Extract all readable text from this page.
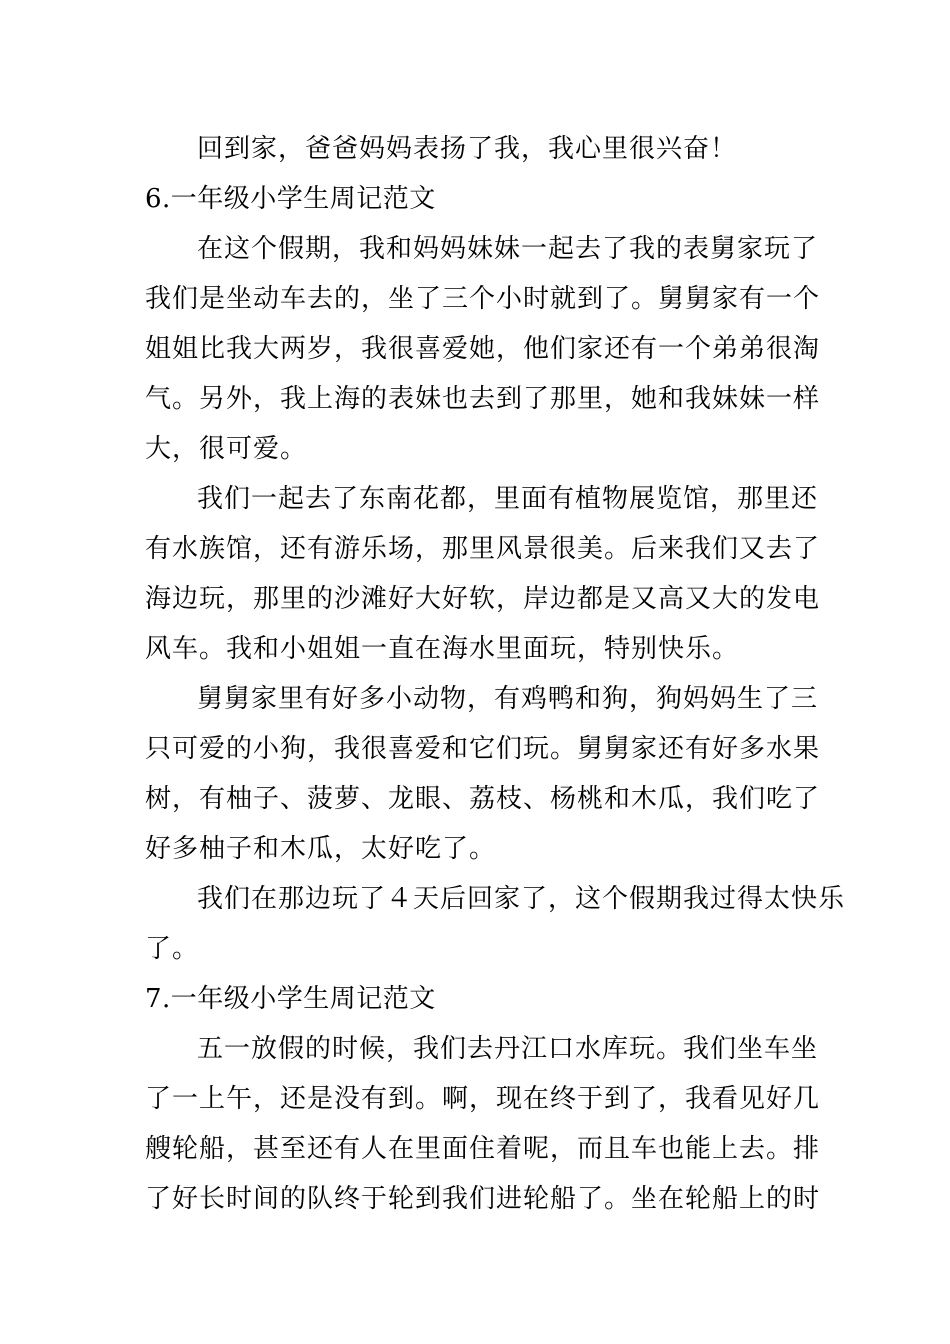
回到家，爸爸妈妈表扬了我，我心里很兴奋！
6.一年级小学生周记范文
在这个假期，我和妈妈妹妹一起去了我的表舅家玩了
我们是坐动车去的，坐了三个小时就到了。舅舅家有一个
姐姐比我大两岁，我很喜爱她，他们家还有一个弟弟很淘
气。另外，我上海的表妹也去到了那里，她和我妹妹一样
大，很可爱。
我们一起去了东南花都，里面有植物展览馆，那里还
有水族馆，还有游乐场，那里风景很美。后来我们又去了
海边玩，那里的沙滩好大好软，岸边都是又高又大的发电
风车。我和小姐姐一直在海水里面玩，特别快乐。
舅舅家里有好多小动物，有鸡鸭和狗，狗妈妈生了三
只可爱的小狗，我很喜爱和它们玩。舅舅家还有好多水果
树，有柚子、菠萝、龙眼、荔枝、杨桃和木瓜，我们吃了
好多柚子和木瓜，太好吃了。
我们在那边玩了４天后回家了，这个假期我过得太快乐
了。
7.一年级小学生周记范文
五一放假的时候，我们去丹江口水库玩。我们坐车坐
了一上午，还是没有到。啊，现在终于到了，我看见好几
艘轮船，甚至还有人在里面住着呢，而且车也能上去。排
了好长时间的队终于轮到我们进轮船了。坐在轮船上的时
